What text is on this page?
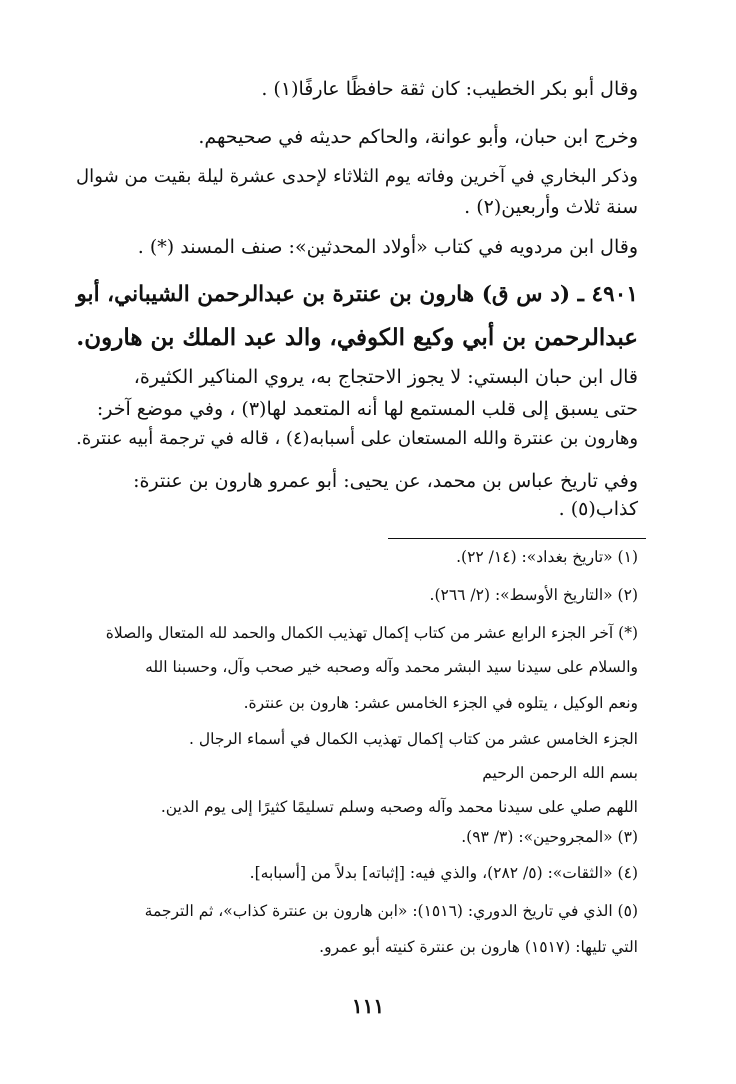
وقال أبو بكر الخطيب: كان ثقة حافظًا عارفًا(١) .
وخرج ابن حبان، وأبو عوانة، والحاكم حديثه في صحيحهم.
وذكر البخاري في آخرين وفاته يوم الثلاثاء لإحدى عشرة ليلة بقيت من شوال
سنة ثلاث وأربعين(٢) .
وقال ابن مردويه في كتاب «أولاد المحدثين»: صنف المسند (*) .
٤٩٠١ ـ (د س ق) هارون بن عنترة بن عبدالرحمن الشيباني، أبو
عبدالرحمن بن أبي وكيع الكوفي، والد عبد الملك بن هارون.
قال ابن حبان البستي: لا يجوز الاحتجاج به، يروي المناكير الكثيرة،
حتى يسبق إلى قلب المستمع لها أنه المتعمد لها(٣) ، وفي موضع آخر:
وهارون بن عنترة والله المستعان على أسبابه(٤) ، قاله في ترجمة أبيه عنترة.
وفي تاريخ عباس بن محمد، عن يحيى: أبو عمرو هارون بن عنترة:
كذاب(٥) .
(١) «تاريخ بغداد»: (١٤/ ٢٢).
(٢) «التاريخ الأوسط»: (٢/ ٢٦٦).
(*) آخر الجزء الرابع عشر من كتاب إكمال تهذيب الكمال والحمد لله المتعال والصلاة
والسلام على سيدنا سيد البشر محمد وآله وصحبه خير صحب وآل، وحسبنا الله
ونعم الوكيل ، يتلوه في الجزء الخامس عشر: هارون بن عنترة.
الجزء الخامس عشر من كتاب إكمال تهذيب الكمال في أسماء الرجال .
بسم الله الرحمن الرحيم
اللهم صلي على سيدنا محمد وآله وصحبه وسلم تسليمًا كثيرًا إلى يوم الدين.
(٣) «المجروحين»: (٣/ ٩٣).
(٤) «الثقات»: (٥/ ٢٨٢)، والذي فيه: [إثباته] بدلاً من [أسبابه].
(٥) الذي في تاريخ الدوري: (١٥١٦): «ابن هارون بن عنترة كذاب»، ثم الترجمة
التي تليها: (١٥١٧) هارون بن عنترة كنيته أبو عمرو.
١١١
